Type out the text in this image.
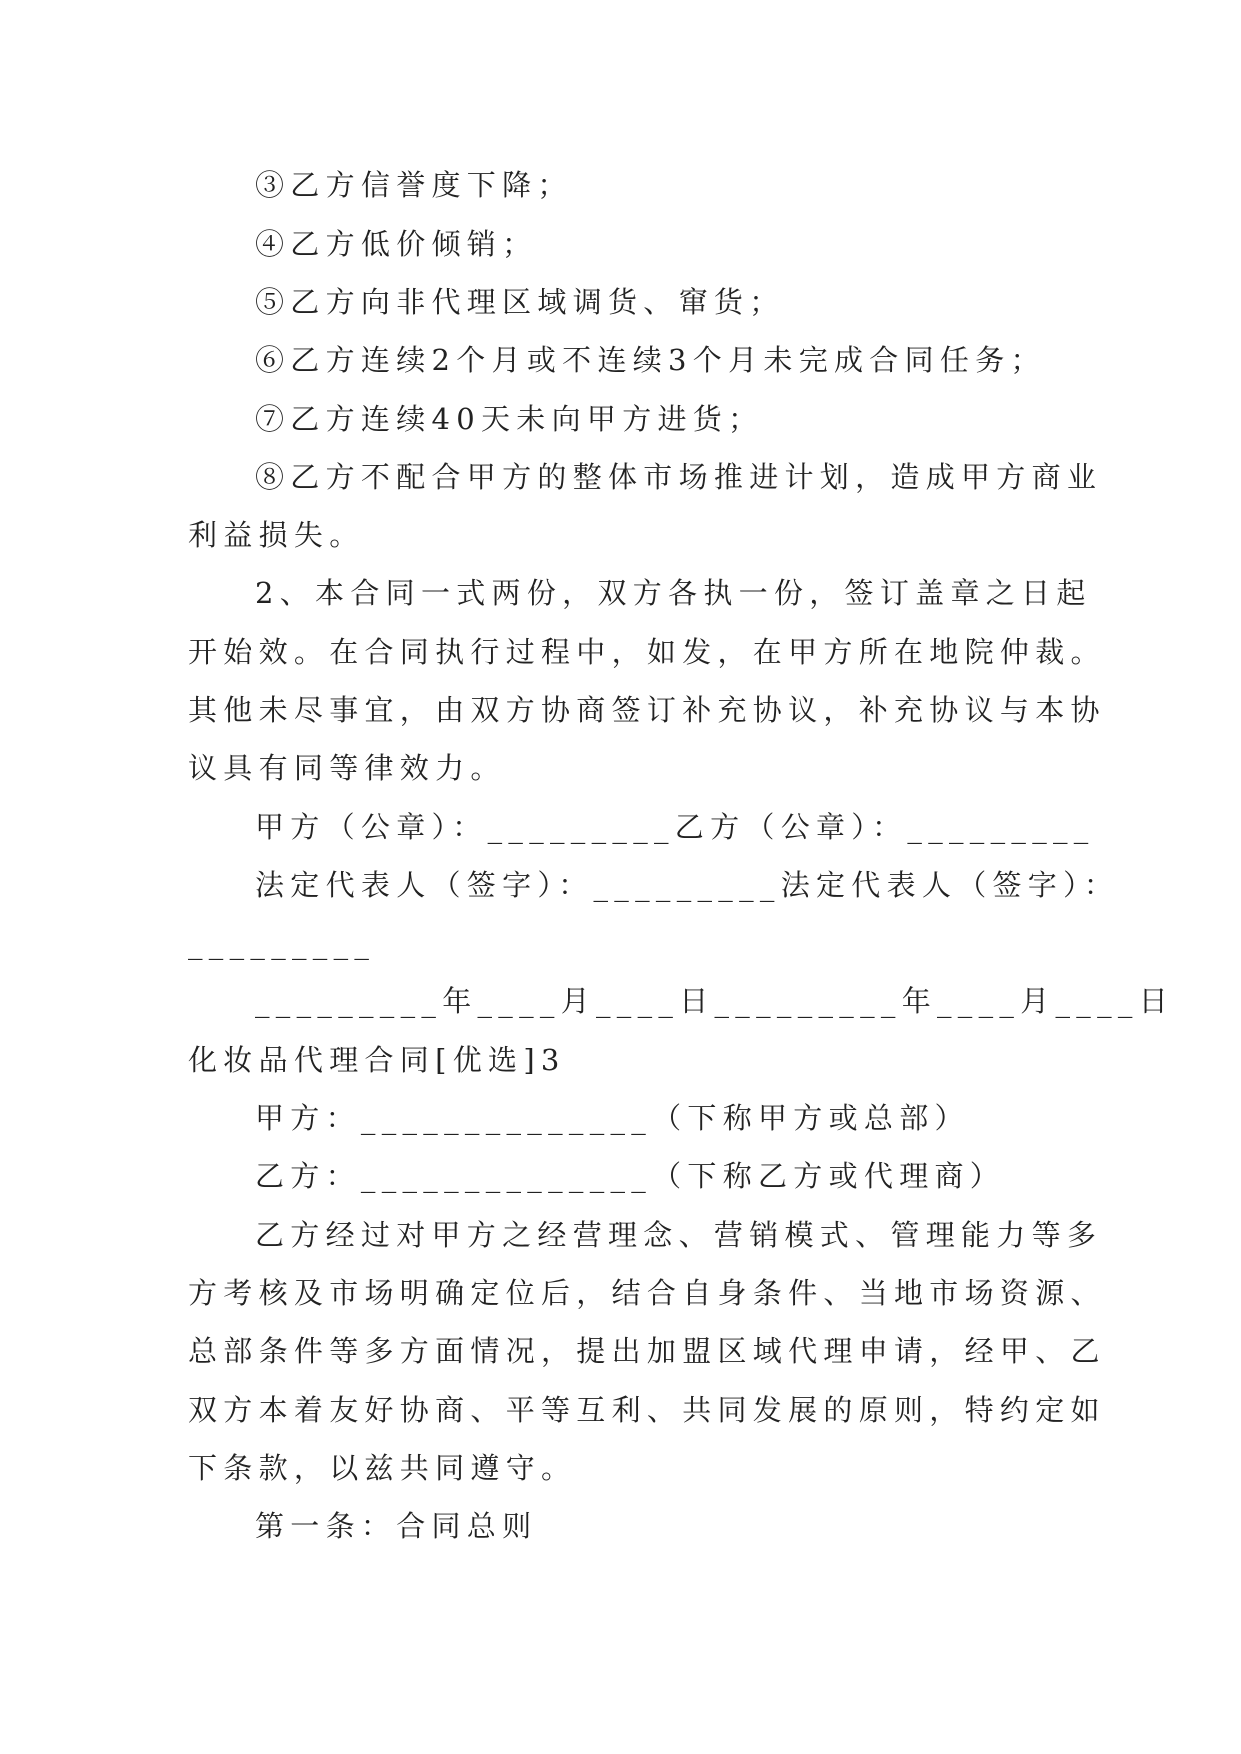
③乙方信誉度下降；
④乙方低价倾销；
⑤乙方向非代理区域调货、窜货；
⑥乙方连续2个月或不连续3个月未完成合同任务；
⑦乙方连续40天未向甲方进货；
⑧乙方不配合甲方的整体市场推进计划，造成甲方商业
利益损失。
2、本合同一式两份，双方各执一份，签订盖章之日起
开始效。在合同执行过程中，如发，在甲方所在地院仲裁。
其他未尽事宜，由双方协商签订补充协议，补充协议与本协
议具有同等律效力。
甲方（公章）：_________乙方（公章）：_________
法定代表人（签字）：_________法定代表人（签字）：
_________
_________年____月____日_________年____月____日
化妆品代理合同[优选]3
甲方：______________（下称甲方或总部）
乙方：______________（下称乙方或代理商）
乙方经过对甲方之经营理念、营销模式、管理能力等多
方考核及市场明确定位后，结合自身条件、当地市场资源、
总部条件等多方面情况，提出加盟区域代理申请，经甲、乙
双方本着友好协商、平等互利、共同发展的原则，特约定如
下条款，以兹共同遵守。
第一条：合同总则
